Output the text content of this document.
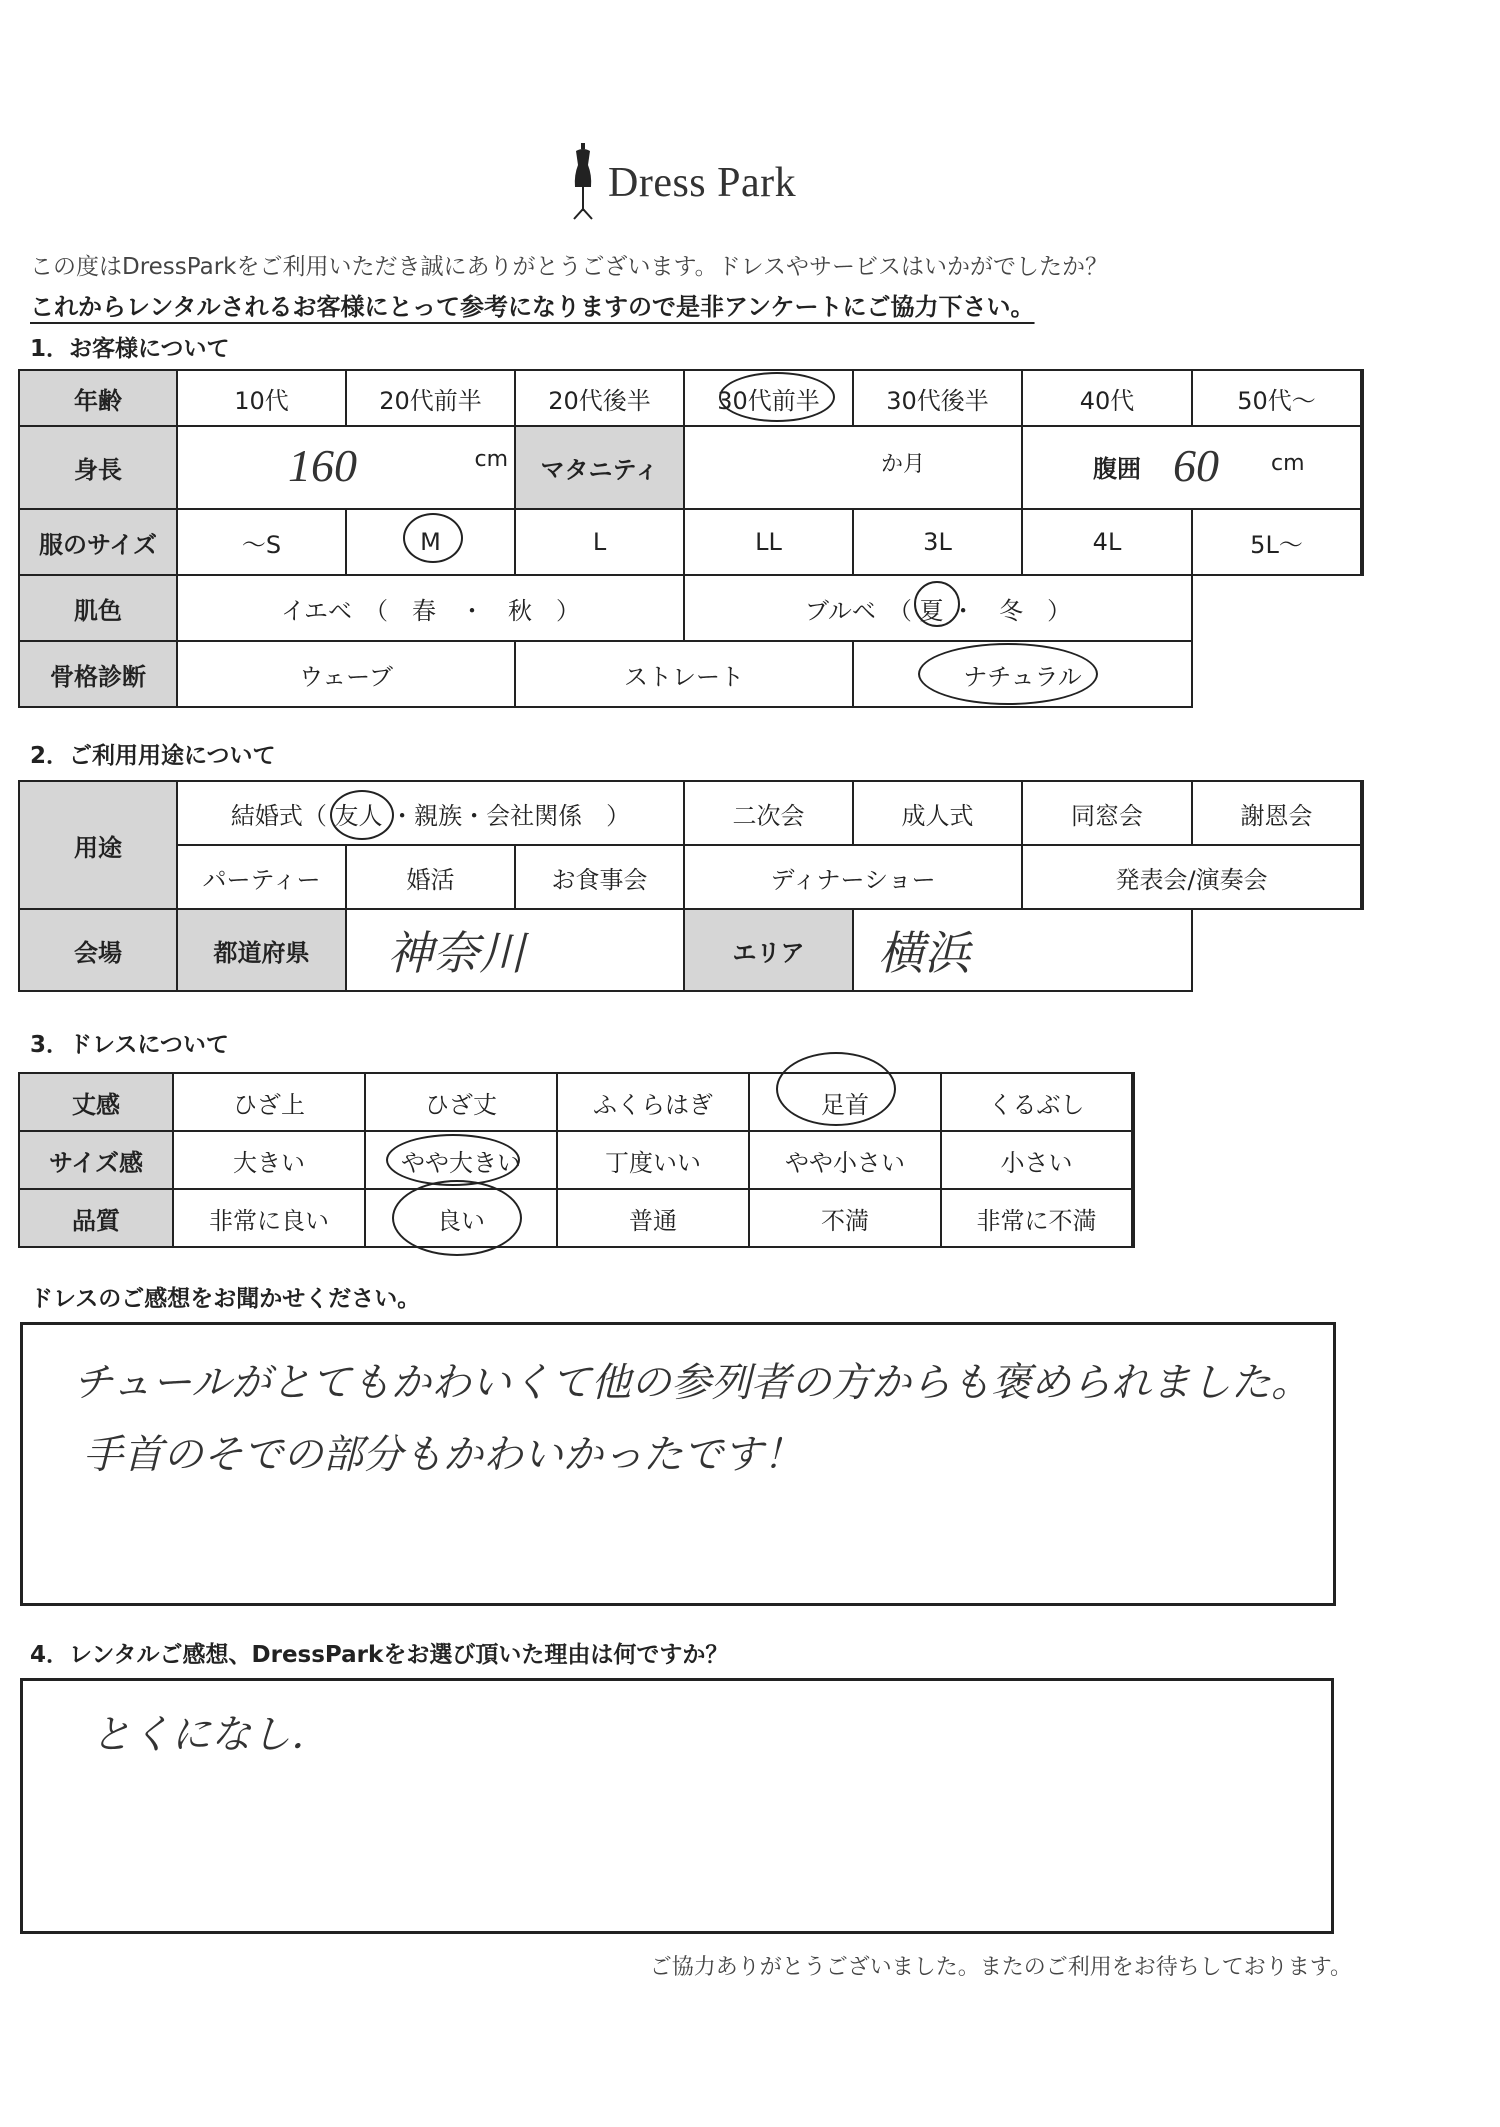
Dress Park
この度はDressParkをご利用いただき誠にありがとうございます。ドレスやサービスはいかがでしたか？
これからレンタルされるお客様にとって参考になりますので是非アンケートにご協力下さい。
1．お客様について
年齢	10代	20代前半	20代後半	30代前半	30代後半	40代	50代～
身長	160 cm		マタニティ	か月		腹囲 60 cm	

服のサイズ	～S	M	L	LL	3L	4L	5L～
肌色	イエベ　（　春　・　秋　）			ブルベ　（ 夏 ・　冬　）			
骨格診断	ウェーブ		ストレート		ナチュラル		
2．ご利用用途について
用途	結婚式（ 友人 ・親族・会社関係　）			二次会	成人式	同窓会	謝恩会
	パーティー	婚活	お食事会	ディナーショー		発表会/演奏会	
会場	都道府県	神奈川		エリア	横浜		
3．ドレスについて
丈感	ひざ上	ひざ丈	ふくらはぎ	足首	くるぶし
サイズ感	大きい	やや大きい	丁度いい	やや小さい	小さい
品質	非常に良い	良い	普通	不満	非常に不満
ドレスのご感想をお聞かせください。
チュールがとてもかわいくて他の参列者の方からも褒められました。
手首のそでの部分もかわいかったです！
4．レンタルご感想、DressParkをお選び頂いた理由は何ですか？
とくになし．
ご協力ありがとうございました。またのご利用をお待ちしております。
